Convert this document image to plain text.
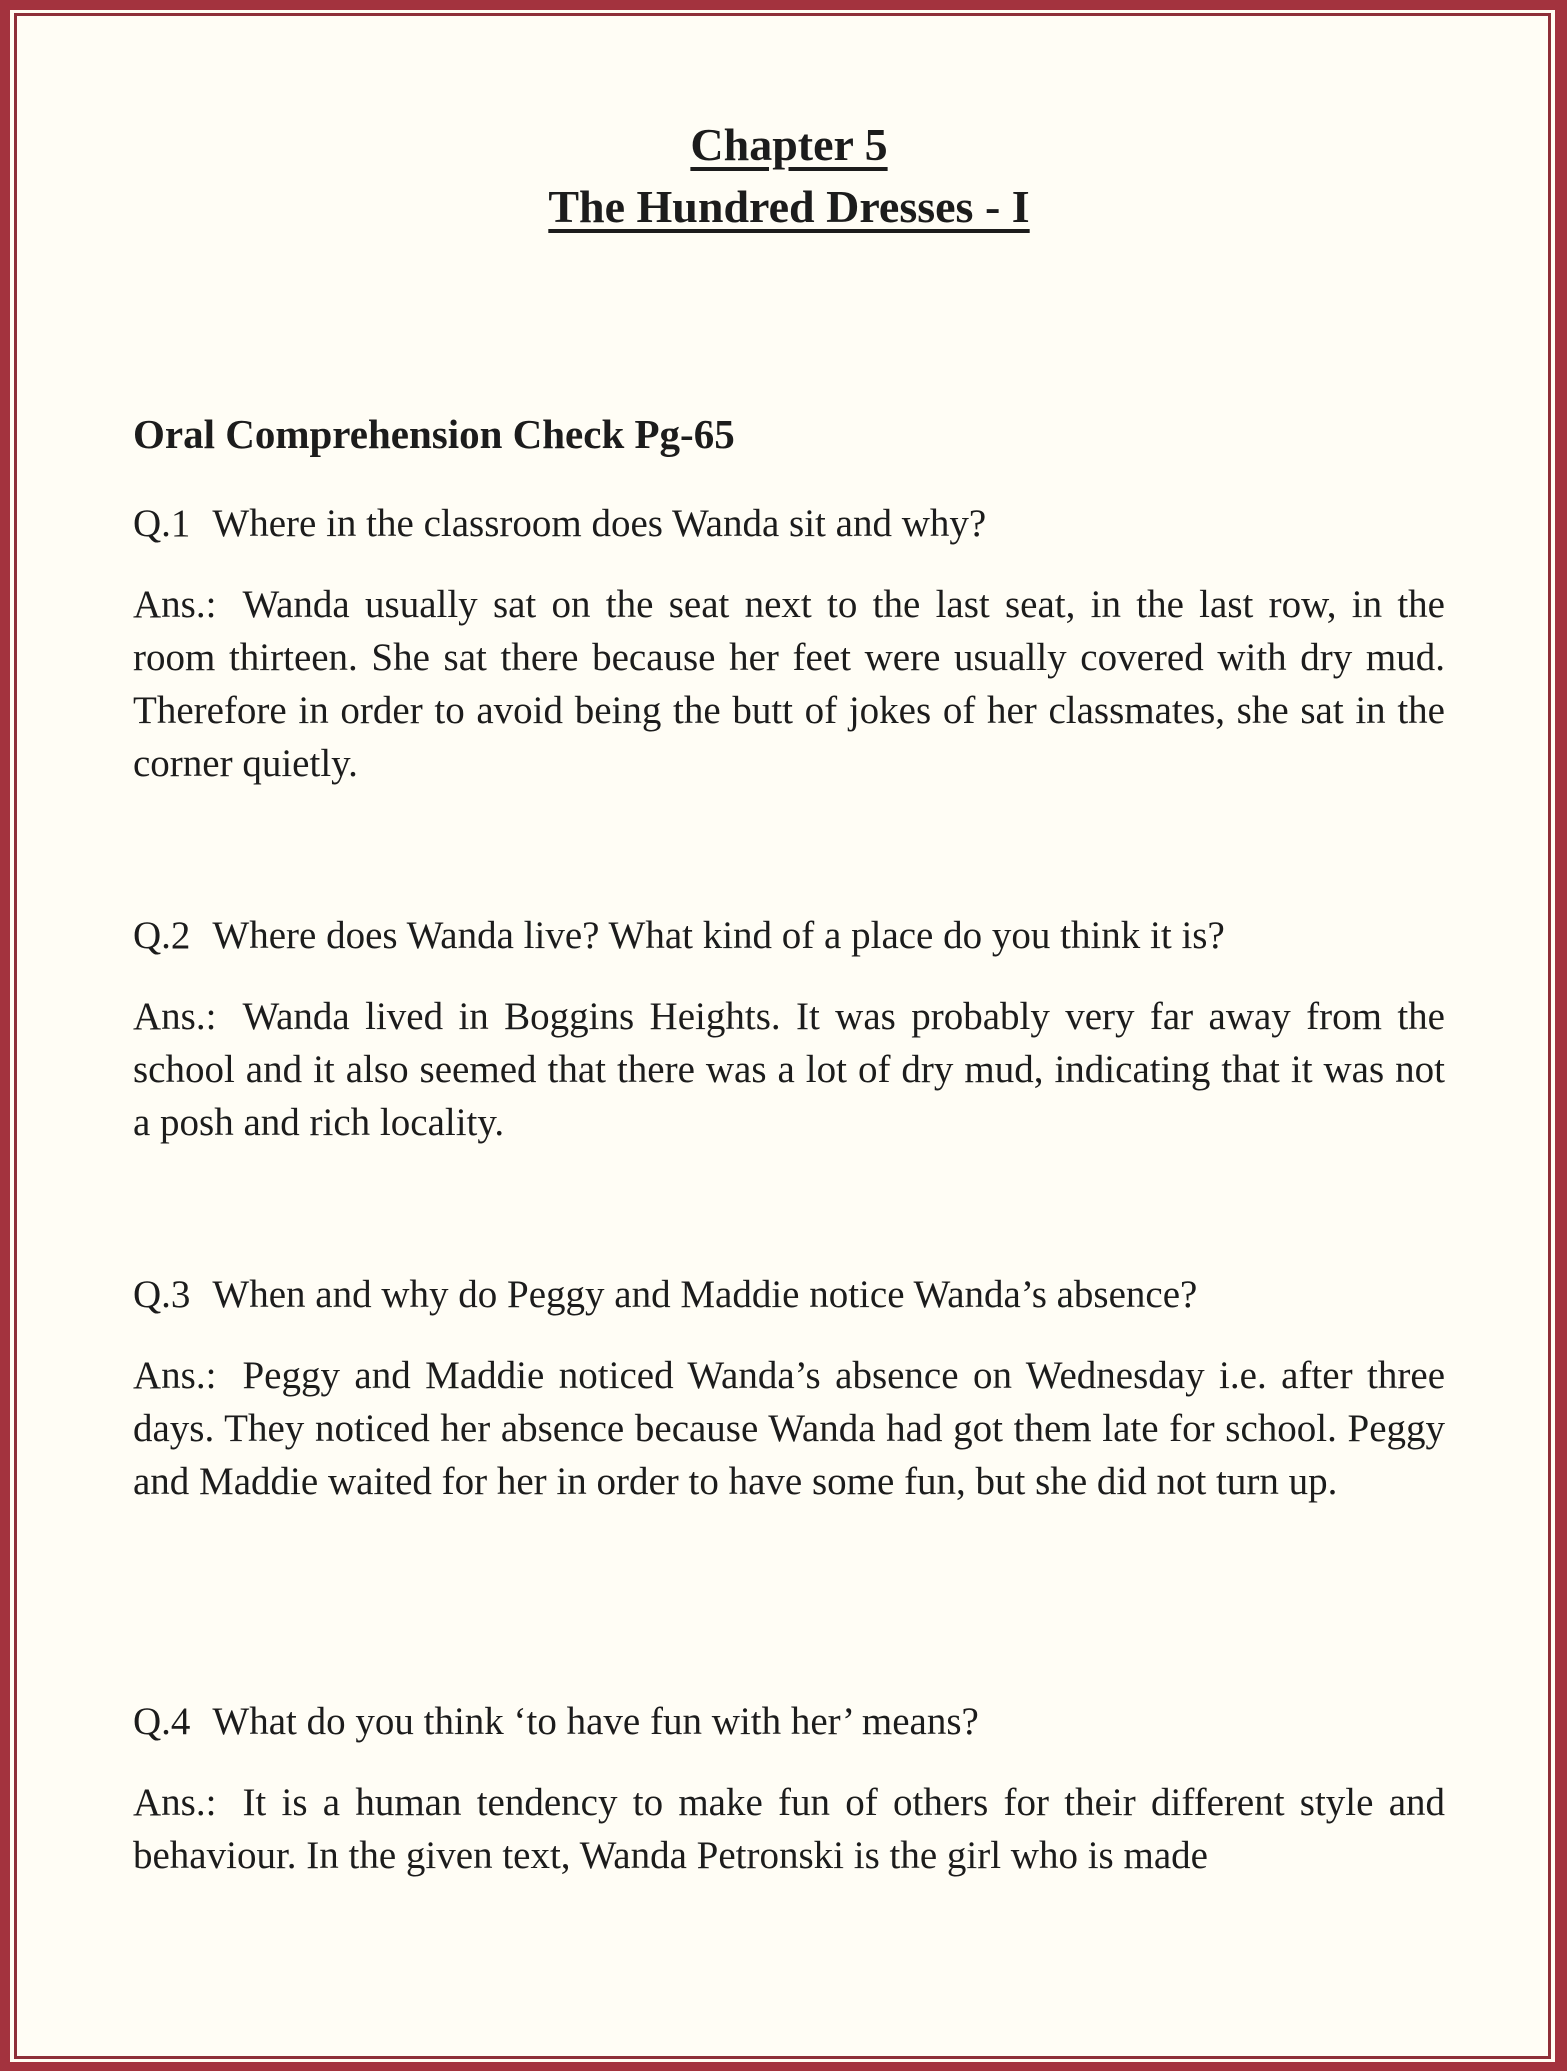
Chapter 5
The Hundred Dresses - I
Oral Comprehension Check Pg-65

Q.1 Where in the classroom does Wanda sit and why?

Ans.: Wanda usually sat on the seat next to the last seat, in the last row, in the room thirteen. She sat there because her feet were usually covered with dry mud. Therefore in order to avoid being the butt of jokes of her classmates, she sat in the corner quietly.

Q.2 Where does Wanda live? What kind of a place do you think it is?

Ans.: Wanda lived in Boggins Heights. It was probably very far away from the school and it also seemed that there was a lot of dry mud, indicating that it was not a posh and rich locality.

Q.3 When and why do Peggy and Maddie notice Wanda’s absence?

Ans.: Peggy and Maddie noticed Wanda’s absence on Wednesday i.e. after three days. They noticed her absence because Wanda had got them late for school. Peggy and Maddie waited for her in order to have some fun, but she did not turn up.

Q.4 What do you think ‘to have fun with her’ means?

Ans.: It is a human tendency to make fun of others for their different style and behaviour. In the given text, Wanda Petronski is the girl who is made
